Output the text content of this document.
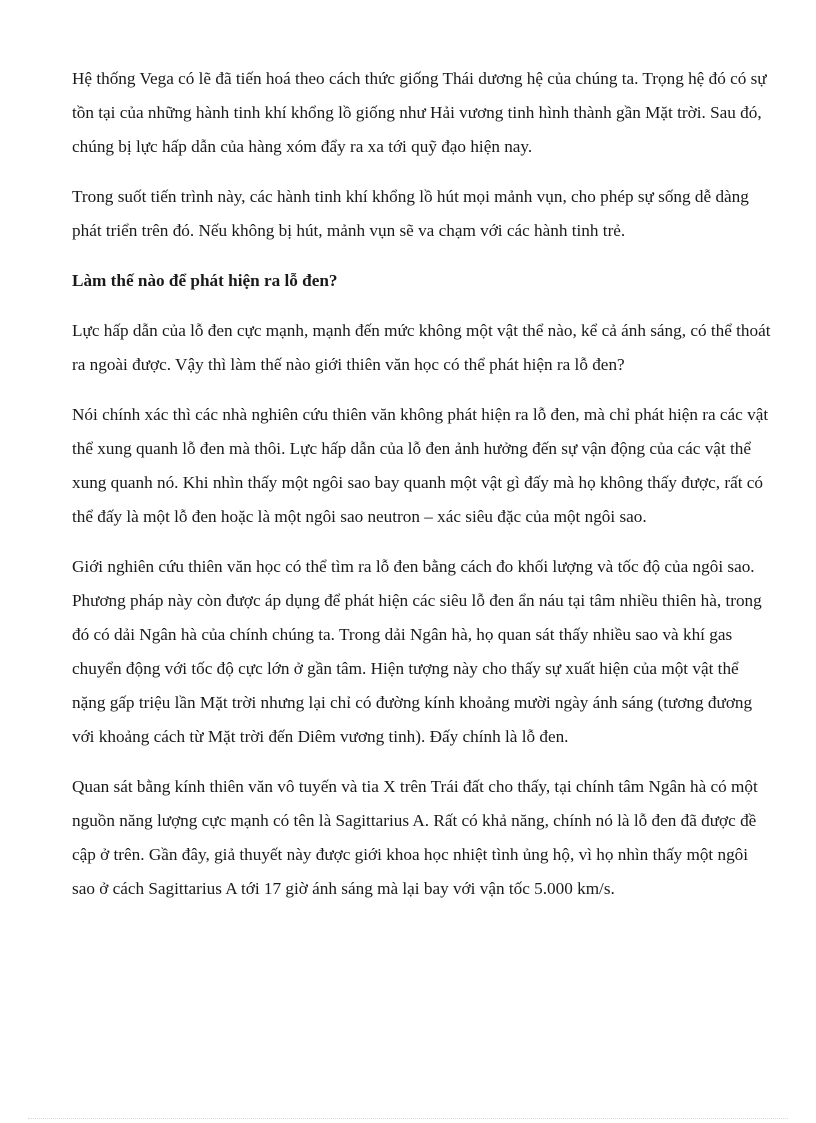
Hệ thống Vega có lẽ đã tiến hoá theo cách thức giống Thái dương hệ của chúng ta. Trọng hệ đó có sự tồn tại của những hành tinh khí khổng lồ giống như Hải vương tinh hình thành gần Mặt trời. Sau đó, chúng bị lực hấp dẫn của hàng xóm đẩy ra xa tới quỹ đạo hiện nay.

Trong suốt tiến trình này, các hành tinh khí khổng lồ hút mọi mảnh vụn, cho phép sự sống dễ dàng phát triển trên đó. Nếu không bị hút, mảnh vụn sẽ va chạm với các hành tinh trẻ.

Làm thế nào để phát hiện ra lỗ đen?

Lực hấp dẫn của lỗ đen cực mạnh, mạnh đến mức không một vật thể nào, kể cả ánh sáng, có thể thoát ra ngoài được. Vậy thì làm thế nào giới thiên văn học có thể phát hiện ra lỗ đen?

Nói chính xác thì các nhà nghiên cứu thiên văn không phát hiện ra lỗ đen, mà chỉ phát hiện ra các vật thể xung quanh lỗ đen mà thôi. Lực hấp dẫn của lỗ đen ảnh hưởng đến sự vận động của các vật thể xung quanh nó. Khi nhìn thấy một ngôi sao bay quanh một vật gì đấy mà họ không thấy được, rất có thể đấy là một lỗ đen hoặc là một ngôi sao neutron – xác siêu đặc của một ngôi sao.

Giới nghiên cứu thiên văn học có thể tìm ra lỗ đen bằng cách đo khối lượng và tốc độ của ngôi sao. Phương pháp này còn được áp dụng để phát hiện các siêu lỗ đen ẩn náu tại tâm nhiều thiên hà, trong đó có dải Ngân hà của chính chúng ta. Trong dải Ngân hà, họ quan sát thấy nhiều sao và khí gas chuyển động với tốc độ cực lớn ở gần tâm. Hiện tượng này cho thấy sự xuất hiện của một vật thể nặng gấp triệu lần Mặt trời nhưng lại chỉ có đường kính khoảng mười ngày ánh sáng (tương đương với khoảng cách từ Mặt trời đến Diêm vương tinh). Đấy chính là lỗ đen.

Quan sát bằng kính thiên văn vô tuyến và tia X trên Trái đất cho thấy, tại chính tâm Ngân hà có một nguồn năng lượng cực mạnh có tên là Sagittarius A. Rất có khả năng, chính nó là lỗ đen đã được đề cập ở trên. Gần đây, giả thuyết này được giới khoa học nhiệt tình ủng hộ, vì họ nhìn thấy một ngôi sao ở cách Sagittarius A tới 17 giờ ánh sáng mà lại bay với vận tốc 5.000 km/s.
